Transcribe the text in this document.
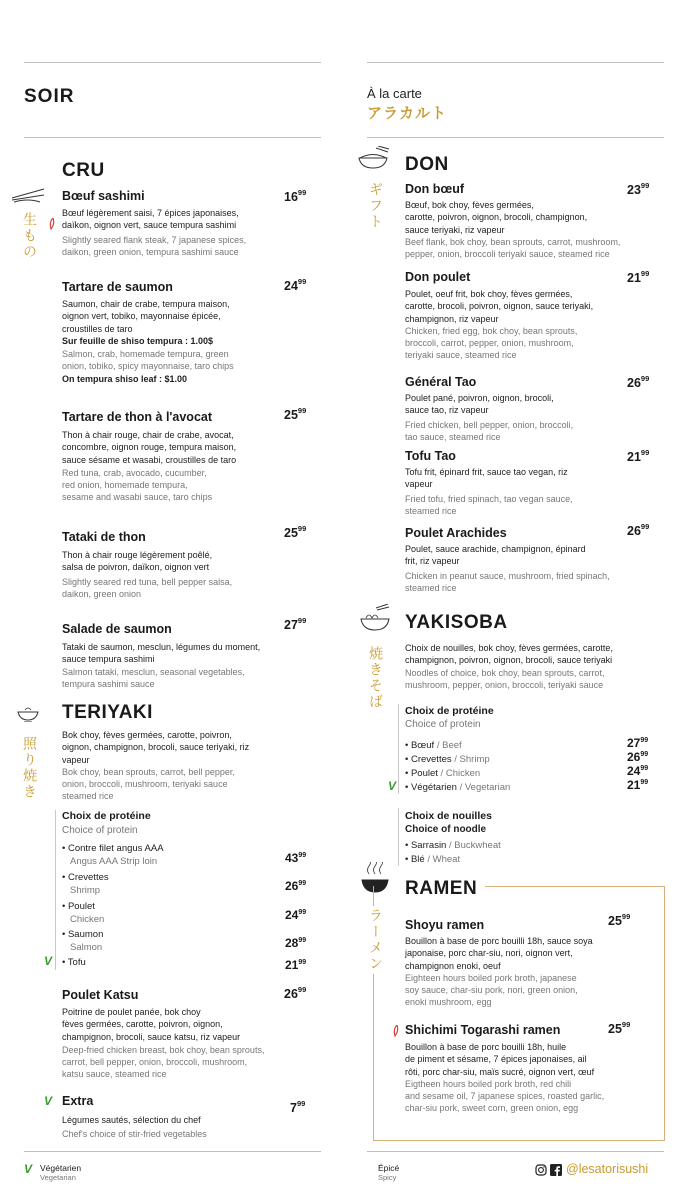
SOIR	À la carte
アラカルト
CRU
生もの
Bœuf sashimi	$16^{99}$
Bœuf légèrement saisi, 7 épices japonaises,
daïkon, oignon vert, sauce tempura sashimi
Slightly seared flank steak, 7 japanese spices,
daikon, green onion, tempura sashimi sauce
Tartare de saumon	$24^{99}$
Saumon, chair de crabe, tempura maison,
oignon vert, tobiko, mayonnaise épicée,
croustilles de taro
Sur feuille de shiso tempura : 1.00$
Salmon, crab, homemade tempura, green
onion, tobiko, spicy mayonnaise, taro chips
On tempura shiso leaf : $1.00
Tartare de thon à l'avocat	$25^{99}$
Thon à chair rouge, chair de crabe, avocat,
concombre, oignon rouge, tempura maison,
sauce sésame et wasabi, croustilles de taro
Red tuna, crab, avocado, cucumber,
red onion, homemade tempura,
sesame and wasabi sauce, taro chips
Tataki de thon	$25^{99}$
Thon à chair rouge légèrement poêlé,
salsa de poivron, daïkon, oignon vert
Slightly seared red tuna, bell pepper salsa,
daikon, green onion
Salade de saumon	$27^{99}$
Tataki de saumon, mesclun, légumes du moment,
sauce tempura sashimi
Salmon tataki, mesclun, seasonal vegetables,
tempura sashimi sauce
TERIYAKI
照り焼き
Bok choy, fèves germées, carotte, poivron,
oignon, champignon, brocoli, sauce teriyaki, riz
vapeur
Bok choy, bean sprouts, carrot, bell pepper,
onion, broccoli, mushroom, teriyaki sauce
steamed rice
Choix de protéine
Choice of protein
• Contre filet angus AAA
Angus AAA Strip loin	$43^{99}$
• Crevettes
Shrimp	$26^{99}$
• Poulet
Chicken	$24^{99}$
• Saumon
Salmon	$28^{99}$
V • Tofu	$21^{99}$
Poulet Katsu	$26^{99}$
Poitrine de poulet panée, bok choy
fèves germées, carotte, poivron, oignon,
champignon, brocoli, sauce katsu, riz vapeur
Deep-fried chicken breast, bok choy, bean sprouts,
carrot, bell pepper, onion, broccoli, mushroom,
katsu sauce, steamed rice
V Extra
$7^{99}$
Légumes sautés, sélection du chef
Chef's choice of stir-fried vegetables
DON
ギフト Don bœuf	$23^{99}$
Bœuf, bok choy, fèves germées,
carotte, poivron, oignon, brocoli, champignon,
sauce teriyaki, riz vapeur
Beef flank, bok choy, bean sprouts, carrot, mushroom,
pepper, onion, broccoli teriyaki sauce, steamed rice
Don poulet	$21^{99}$
Poulet, oeuf frit, bok choy, fèves germées,
carotte, brocoli, poivron, oignon, sauce teriyaki,
champignon, riz vapeur
Chicken, fried egg, bok choy, bean sprouts,
broccoli, carrot, pepper, onion, mushroom,
teriyaki sauce, steamed rice
Général Tao	$26^{99}$
Poulet pané, poivron, oignon, brocoli,
sauce tao, riz vapeur
Fried chicken, bell pepper, onion, broccoli,
tao sauce, steamed rice
Tofu Tao	$21^{99}$
Tofu frit, épinard frit, sauce tao vegan, riz
vapeur
Fried tofu, fried spinach, tao vegan sauce,
steamed rice
Poulet Arachides	$26^{99}$
Poulet, sauce arachide, champignon, épinard
frit, riz vapeur
Chicken in peanut sauce, mushroom, fried spinach,
steamed rice
YAKISOBA
焼きそば Choix de nouilles, bok choy, fèves germées, carotte,
champignon, poivron, oignon, brocoli, sauce teriyaki
Noodles of choice, bok choy, bean sprouts, carrot,
mushroom, pepper, onion, broccoli, teriyaki sauce
Choix de protéine
Choice of protein
• Bœuf / Beef	$27^{99}$
• Crevettes / Shrimp	$26^{99}$
• Poulet / Chicken	$24^{99}$
V • Végétarien / Vegetarian	$21^{99}$
Choix de nouilles
Choice of noodle
• Sarrasin / Buckwheat
• Blé / Wheat
RAMEN
ラーメン Shoyu ramen	$25^{99}$
Bouillon à base de porc bouilli 18h, sauce soya
japonaise, porc char-siu, nori, oignon vert,
champignon enoki, oeuf
Eighteen hours boiled pork broth, japanese
soy sauce, char-siu pork, nori, green onion,
enoki mushroom, egg
Shichimi Togarashi ramen	$25^{99}$
Bouillon à base de porc bouilli 18h, huile
de piment et sésame, 7 épices japonaises, ail
rôti, porc char-siu, maïs sucré, oignon vert, œuf
Eigtheen hours boiled pork broth, red chili
and sesame oil, 7 japanese spices, roasted garlic,
char-siu pork, sweet corn, green onion, egg
V Végétarien
Vegetarian
Épicé
Spicy
@lesatorisushi
